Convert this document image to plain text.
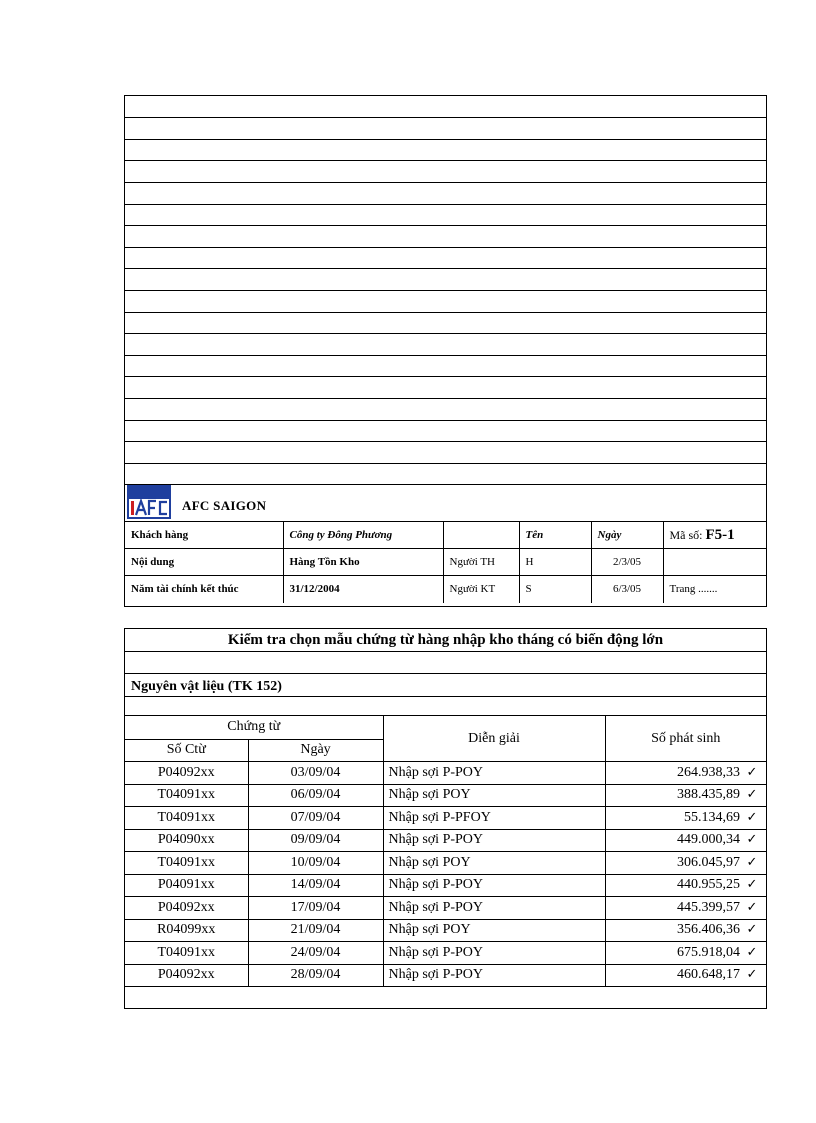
AFC SAIGON
Khách hàng	Công ty Đông Phương		Tên	Ngày	Mã số: F5-1
Nội dung	Hàng Tồn Kho	Người TH	H	2/3/05	
Năm tài chính kết thúc	31/12/2004	Người KT	S	6/3/05	Trang .......
Kiểm tra chọn mẫu chứng từ hàng nhập kho tháng có biến động lớn
Nguyên vật liệu (TK 152)
Chứng từ		Diễn giải	Số phát sinh
Số Ctừ	Ngày		
P04092xx	03/09/04	Nhập sợi P-POY	264.938,33 ✓
T04091xx	06/09/04	Nhập sợi POY	388.435,89 ✓
T04091xx	07/09/04	Nhập sợi P-PFOY	55.134,69 ✓
P04090xx	09/09/04	Nhập sợi P-POY	449.000,34 ✓
T04091xx	10/09/04	Nhập sợi POY	306.045,97 ✓
P04091xx	14/09/04	Nhập sợi P-POY	440.955,25 ✓
P04092xx	17/09/04	Nhập sợi P-POY	445.399,57 ✓
R04099xx	21/09/04	Nhập sợi POY	356.406,36 ✓
T04091xx	24/09/04	Nhập sợi P-POY	675.918,04 ✓
P04092xx	28/09/04	Nhập sợi P-POY	460.648,17 ✓
